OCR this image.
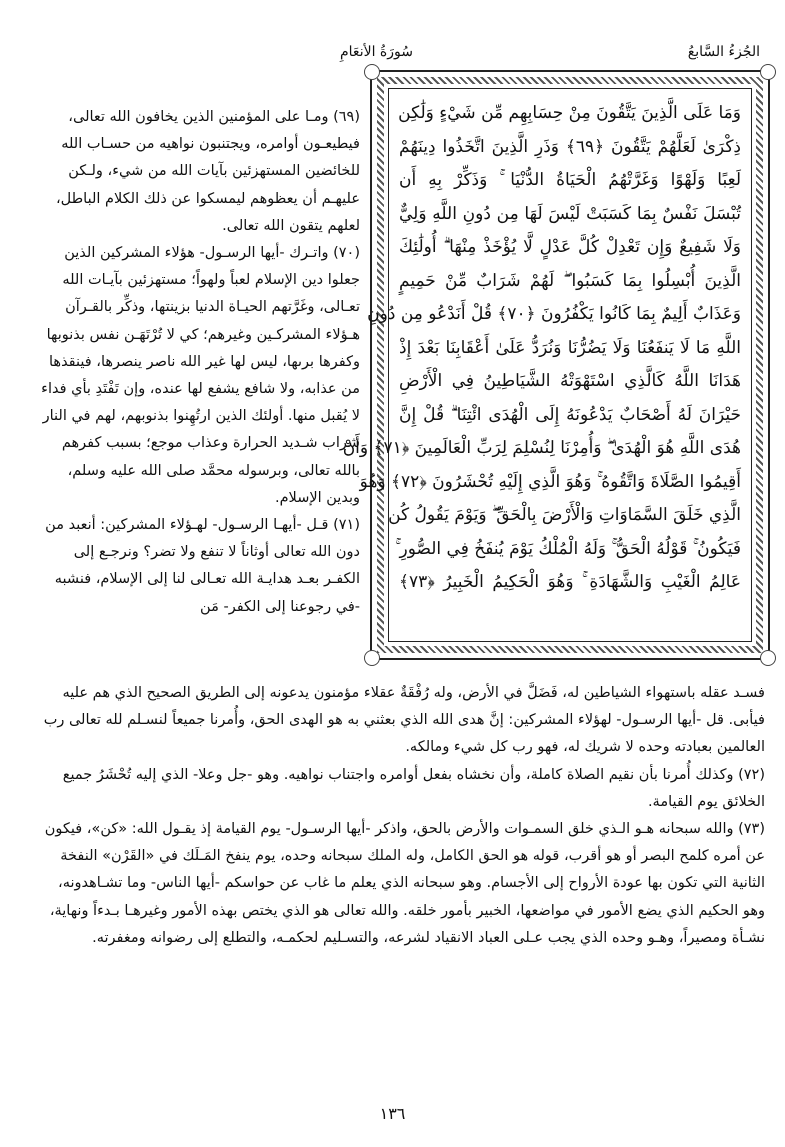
الجُزءُ السَّابعُ
سُورَةُ الأنعَامِ
وَمَا عَلَى الَّذِينَ يَتَّقُونَ مِنْ حِسَابِهِم مِّن شَيْءٍ وَلَٰكِن
ذِكْرَىٰ لَعَلَّهُمْ يَتَّقُونَ ﴿٦٩﴾ وَذَرِ الَّذِينَ اتَّخَذُوا دِينَهُمْ
لَعِبًا وَلَهْوًا وَغَرَّتْهُمُ الْحَيَاةُ الدُّنْيَا ۚ وَذَكِّرْ بِهِ أَن
تُبْسَلَ نَفْسٌ بِمَا كَسَبَتْ لَيْسَ لَهَا مِن دُونِ اللَّهِ وَلِيٌّ
وَلَا شَفِيعٌ وَإِن تَعْدِلْ كُلَّ عَدْلٍ لَّا يُؤْخَذْ مِنْهَا ۗ أُولَٰئِكَ
الَّذِينَ أُبْسِلُوا بِمَا كَسَبُوا ۖ لَهُمْ شَرَابٌ مِّنْ حَمِيمٍ
وَعَذَابٌ أَلِيمٌ بِمَا كَانُوا يَكْفُرُونَ ﴿٧٠﴾ قُلْ أَنَدْعُو مِن دُونِ
اللَّهِ مَا لَا يَنفَعُنَا وَلَا يَضُرُّنَا وَنُرَدُّ عَلَىٰ أَعْقَابِنَا بَعْدَ إِذْ
هَدَانَا اللَّهُ كَالَّذِي اسْتَهْوَتْهُ الشَّيَاطِينُ فِي الْأَرْضِ
حَيْرَانَ لَهُ أَصْحَابٌ يَدْعُونَهُ إِلَى الْهُدَى ائْتِنَا ۗ قُلْ إِنَّ
هُدَى اللَّهِ هُوَ الْهُدَىٰ ۖ وَأُمِرْنَا لِنُسْلِمَ لِرَبِّ الْعَالَمِينَ ﴿٧١﴾ وَأَنْ
أَقِيمُوا الصَّلَاةَ وَاتَّقُوهُ ۚ وَهُوَ الَّذِي إِلَيْهِ تُحْشَرُونَ ﴿٧٢﴾ وَهُوَ
الَّذِي خَلَقَ السَّمَاوَاتِ وَالْأَرْضَ بِالْحَقِّ ۖ وَيَوْمَ يَقُولُ كُن
فَيَكُونُ ۚ قَوْلُهُ الْحَقُّ ۚ وَلَهُ الْمُلْكُ يَوْمَ يُنفَخُ فِي الصُّورِ ۚ
عَالِمُ الْغَيْبِ وَالشَّهَادَةِ ۚ وَهُوَ الْحَكِيمُ الْخَبِيرُ ﴿٧٣﴾

(٦٩) ومـا على المؤمنين الذين يخافون الله تعالى، فيطيعـون أوامره، ويجتنبون نواهيه من حسـاب الله للخائضين المستهزئين بآيات الله من شيء، ولـكن عليهـم أن يعظوهم ليمسكوا عن ذلك الكلام الباطل، لعلهم يتقون الله تعالى.

(٧٠) واتـرك -أيها الرسـول- هؤلاء المشركين الذين جعلوا دين الإسلام لعباً ولهواً؛ مستهزئين بآيـات الله تعـالى، وغَرَّتهم الحيـاة الدنيا بزينتها، وذكِّر بالقـرآن هـؤلاء المشركـين وغيرهم؛ كي لا تُرْتَهَـن نفس بذنوبها وكفرها برىها، ليس لها غير الله ناصر ينصرها، فينقذها من عذابه، ولا شافع يشفع لها عنده، وإن تَفْتَدِ بأي فداء لا يُقبل منها. أولئك الذين ارتُهِنوا بذنوبهم، لهم في النار شراب شـديد الحرارة وعذاب موجع؛ بسبب كفرهم بالله تعالى، وبرسوله محمَّد صلى الله عليه وسلم، وبدين الإسلام.

(٧١) قـل -أيهـا الرسـول- لهـؤلاء المشركين: أنعبد من دون الله تعالى أوثاناً لا تنفع ولا تضر؟ ونرجـع إلى الكفـر بعـد هدايـة الله تعـالى لنا إلى الإسلام، فنشبه -في رجوعنا إلى الكفر- مَن

فسـد عقله باستهواء الشياطين له، فَضَلَّ في الأرض، وله رُفْقَةٌ عقلاء مؤمنون يدعونه إلى الطريق الصحيح الذي هم عليه فيأبى. قل -أيها الرسـول- لهؤلاء المشركين: إنَّ هدى الله الذي بعثني به هو الهدى الحق، وأُمرنا جميعاً لنسـلم لله تعالى رب العالمين بعبادته وحده لا شريك له، فهو رب كل شيء ومالكه.

(٧٢) وكذلك أُمرنا بأن نقيم الصلاة كاملة، وأن نخشاه بفعل أوامره واجتناب نواهيه. وهو -جل وعلا- الذي إليه تُحْشَرُ جميع الخلائق يوم القيامة.

(٧٣) والله سبحانه هـو الـذي خلق السمـوات والأرض بالحق، واذكر -أيها الرسـول- يوم القيامة إذ يقـول الله: «كن»، فيكون عن أمره كلمح البصر أو هو أقرب، قوله هو الحق الكامل، وله الملك سبحانه وحده، يوم ينفخ المَـلَك في «القَرْن» النفخة الثانية التي تكون بها عودة الأرواح إلى الأجسام. وهو سبحانه الذي يعلم ما غاب عن حواسكم -أيها الناس- وما تشـاهدونه، وهو الحكيم الذي يضع الأمور في مواضعها، الخبير بأمور خلقه. والله تعالى هو الذي يختص بهذه الأمور وغيرهـا بـدءاً ونهاية، نشـأة ومصيراً، وهـو وحده الذي يجب عـلى العباد الانقياد لشرعه، والتسـليم لحكمـه، والتطلع إلى رضوانه ومغفرته.

١٣٦
